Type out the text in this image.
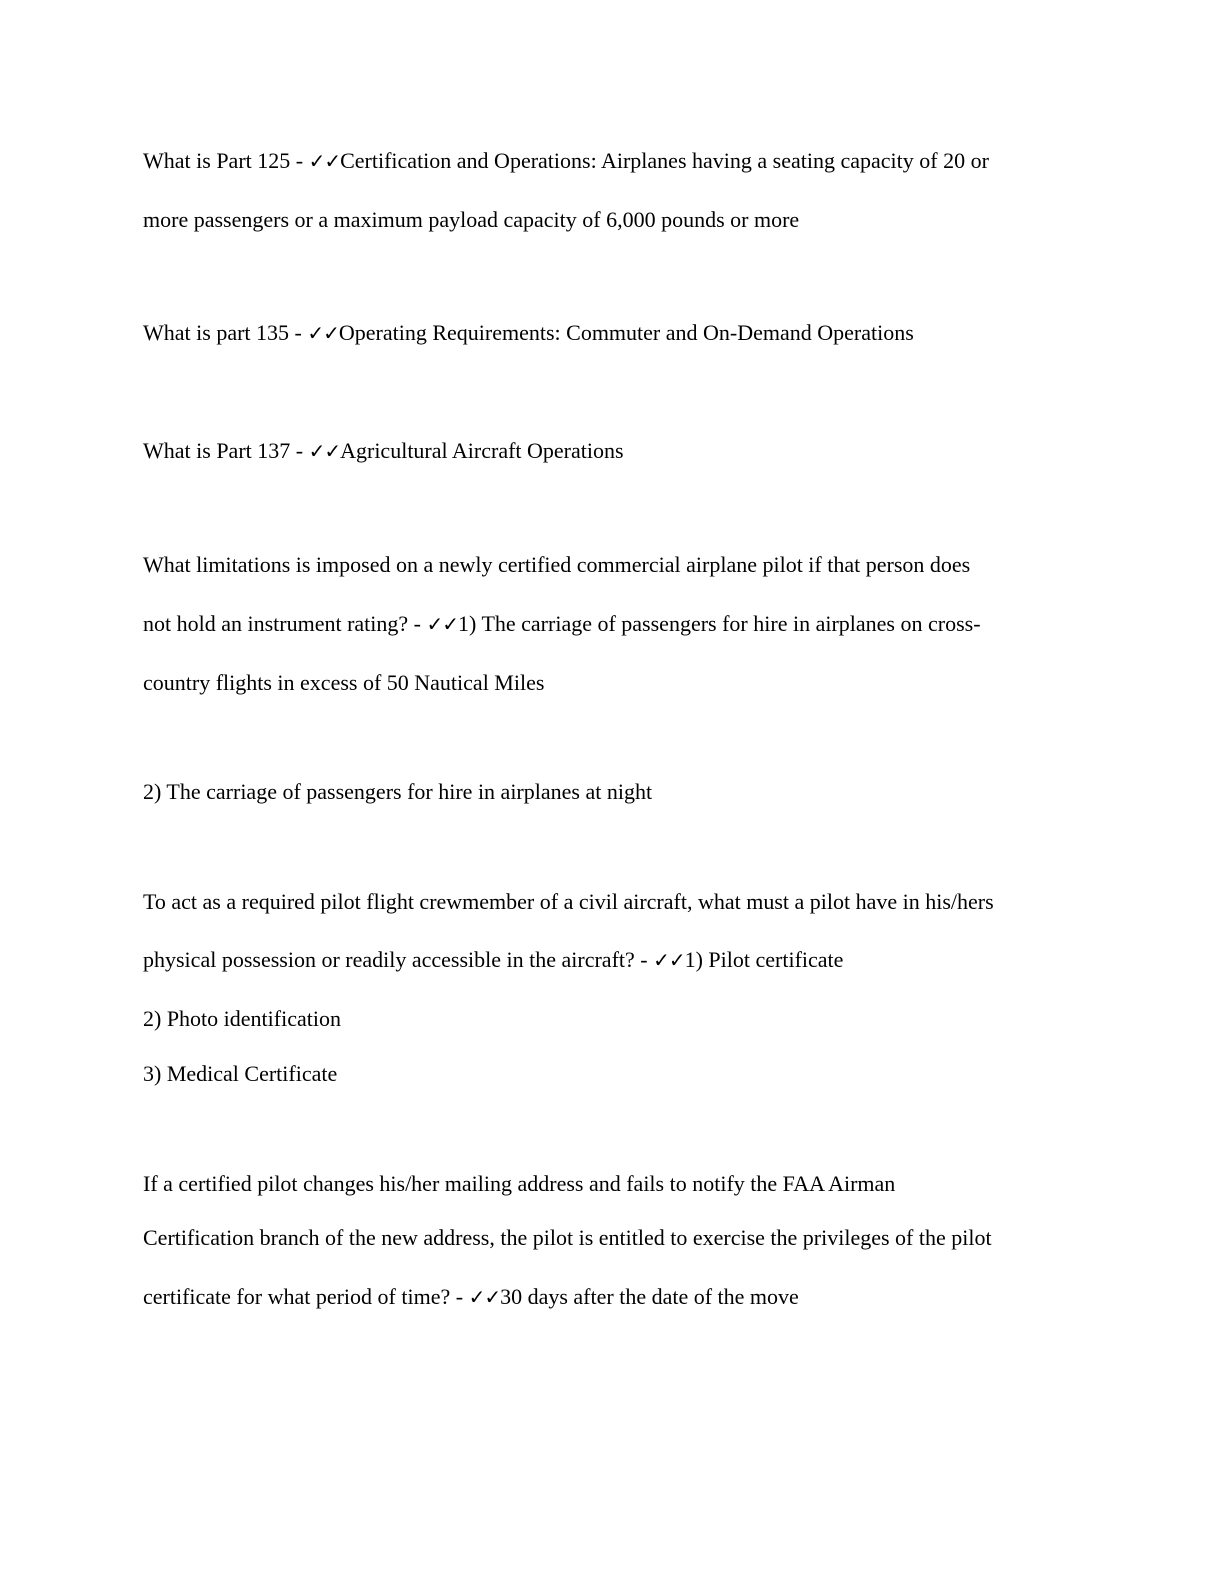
What is Part 125 - ✓✓Certification and Operations: Airplanes having a seating capacity of 20 or
more passengers or a maximum payload capacity of 6,000 pounds or more
What is part 135 - ✓✓Operating Requirements: Commuter and On-Demand Operations
What is Part 137 - ✓✓Agricultural Aircraft Operations
What limitations is imposed on a newly certified commercial airplane pilot if that person does
not hold an instrument rating? - ✓✓1) The carriage of passengers for hire in airplanes on cross-
country flights in excess of 50 Nautical Miles
2) The carriage of passengers for hire in airplanes at night
To act as a required pilot flight crewmember of a civil aircraft, what must a pilot have in his/hers
physical possession or readily accessible in the aircraft? - ✓✓1) Pilot certificate
2) Photo identification
3) Medical Certificate
If a certified pilot changes his/her mailing address and fails to notify the FAA Airman
Certification branch of the new address, the pilot is entitled to exercise the privileges of the pilot
certificate for what period of time? - ✓✓30 days after the date of the move
